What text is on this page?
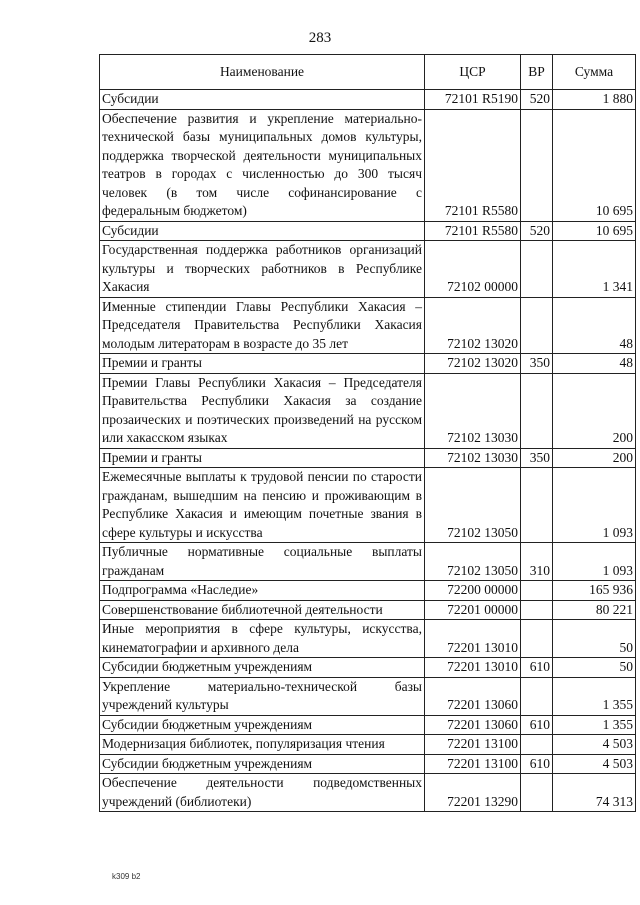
283
Наименование	ЦСР	ВР	Сумма
Субсидии	72101 R5190	520	1 880
Обеспечение развития и укрепление материально-технической базы муниципальных домов культуры, поддержка творческой деятельности муниципальных театров в городах с численностью до 300 тысяч человек (в том числе софинансирование с федеральным бюджетом)	72101 R5580		10 695
Субсидии	72101 R5580	520	10 695
Государственная поддержка работников организаций культуры и творческих работников в Республике Хакасия	72102 00000		1 341
Именные стипендии Главы Республики Хакасия – Председателя Правительства Республики Хакасия молодым литераторам в возрасте до 35 лет	72102 13020		48
Премии и гранты	72102 13020	350	48
Премии Главы Республики Хакасия – Председателя Правительства Республики Хакасия за создание прозаических и поэтических произведений на русском или хакасском языках	72102 13030		200
Премии и гранты	72102 13030	350	200
Ежемесячные выплаты к трудовой пенсии по старости гражданам, вышедшим на пенсию и проживающим в Республике Хакасия и имеющим почетные звания в сфере культуры и искусства	72102 13050		1 093
Публичные нормативные социальные выплаты гражданам	72102 13050	310	1 093
Подпрограмма «Наследие»	72200 00000		165 936
Совершенствование библиотечной деятельности	72201 00000		80 221
Иные мероприятия в сфере культуры, искусства, кинематографии и архивного дела	72201 13010		50
Субсидии бюджетным учреждениям	72201 13010	610	50
Укрепление материально-технической базы учреждений культуры	72201 13060		1 355
Субсидии бюджетным учреждениям	72201 13060	610	1 355
Модернизация библиотек, популяризация чтения	72201 13100		4 503
Субсидии бюджетным учреждениям	72201 13100	610	4 503
Обеспечение деятельности подведомственных учреждений (библиотеки)	72201 13290		74 313
k309 b2
